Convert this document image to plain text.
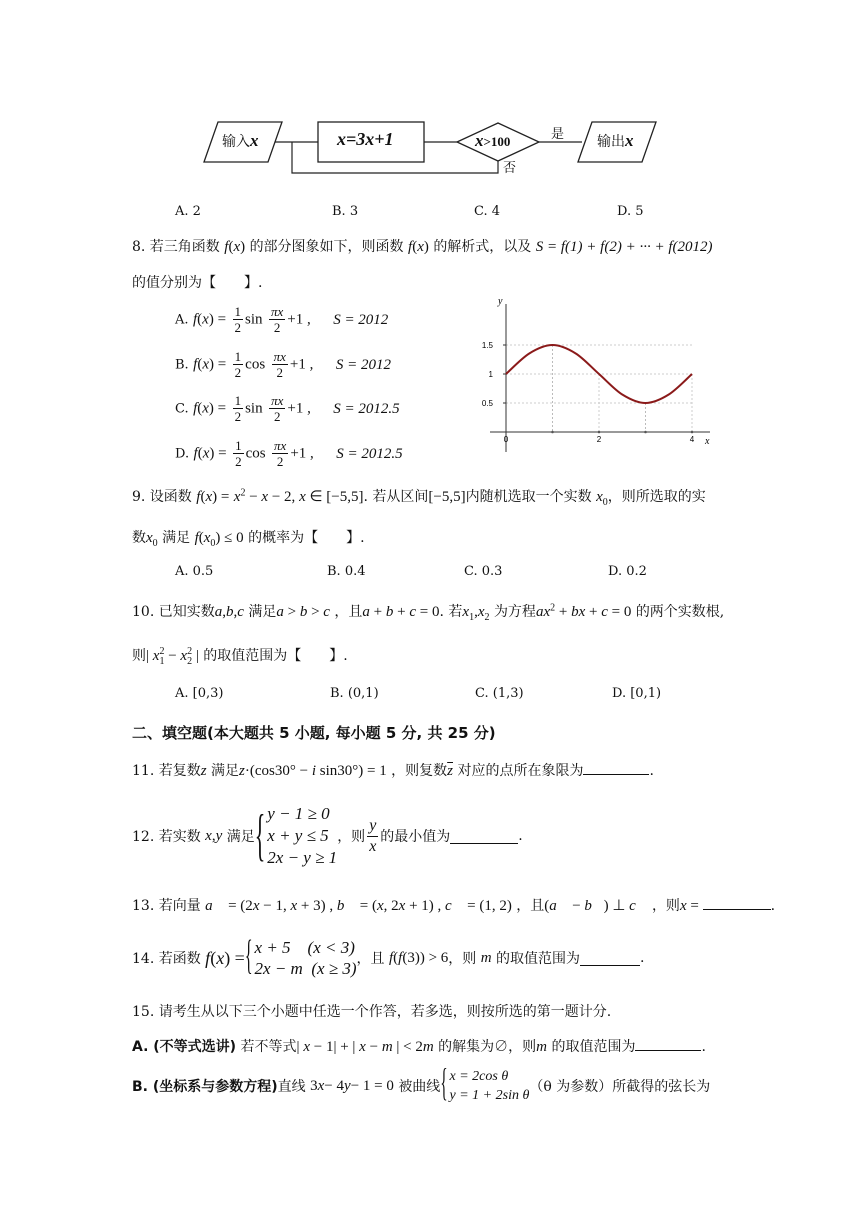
输入x	x=3x+1	x>100	是
否
输出x
A. 2	B. 3	C. 4	D. 5
8. 若三角函数 f(x) 的部分图象如下，则函数 f(x) 的解析式，以及 S = f(1) + f(2) + ··· + f(2012)
的值分别为【　　】.
A. $f(x) = \frac{1}{2}$ $\sin \frac{\pi x}{2} +1$ , S = 2012
B. $f(x) = \frac{1}{2}$ $\cos \frac{\pi x}{2} +1$ , S = 2012
C. $f(x) = \frac{1}{2}$ $\sin \frac{\pi x}{2} +1$ , S = 2012.5
D. $f(x) = \frac{1}{2}$ $\cos \frac{\pi x}{2} +1$ , S = 2012.5
y
x
1.5
1
0.5
0	2	4
9. 设函数 $f(x) = x^2 - x - 2$, x ∈ [−5,5]. 若从区间[−5,5]内随机选取一个实数 $x_0$，则所选取的实
数$x_0$ 满足 $f(x_0) \le 0$ 的概率为【　　】.
A. 0.5	B. 0.4	C. 0.3	D. 0.2
10. 已知实数a,b,c 满足a > b > c ，且a + b + c = 0. 若$x_1,x_2$ 为方程$ax^2$ + bx + c = 0 的两个实数根,
则| $x_1^2 - x_2^2$ | 的取值范围为【　　】.
A. [0,3)	B. (0,1)	C. (1,3)	D. [0,1)
二、填空题(本大题共 5 小题, 每小题 5 分, 共 25 分)
11. 若复数z 满足z·(cos30° − i sin30°) = 1 ，则复数$\overline{z}$ 对应的点所在象限为	.
12. 若实数
x , y
满足 { y − 1 ≥ 0
x + y ≤ 5
2x − y ≥ 1
，则 $\frac{y}{x}$ 的最小值为	.
13. 若向量 a⃗ = (2x − 1, x + 3) , b⃗ = (x, 2x + 1) , c⃗ = (1, 2) ，且(a⃗ − b⃗) ⊥ c⃗ ，则x =	.
14. 若函数
f ( x ) = { x + 5    (x < 3)
2x − m  (x ≥ 3) ，且
f ( f (3)) > 6 ，则
m
的取值范围为	.
15. 请考生从以下三个小题中任选一个作答，若多选，则按所选的第一题计分.
A. (不等式选讲) 若不等式| x − 1| + | x − m | < 2m 的解集为∅，则m 的取值范围为	.
B. (坐标系与参数方程) 直线
3 x − 4 y − 1 = 0
被曲线 { x = 2cos θ
y = 1 + 2sin θ
（θ 为参数）所截得的弦长为
